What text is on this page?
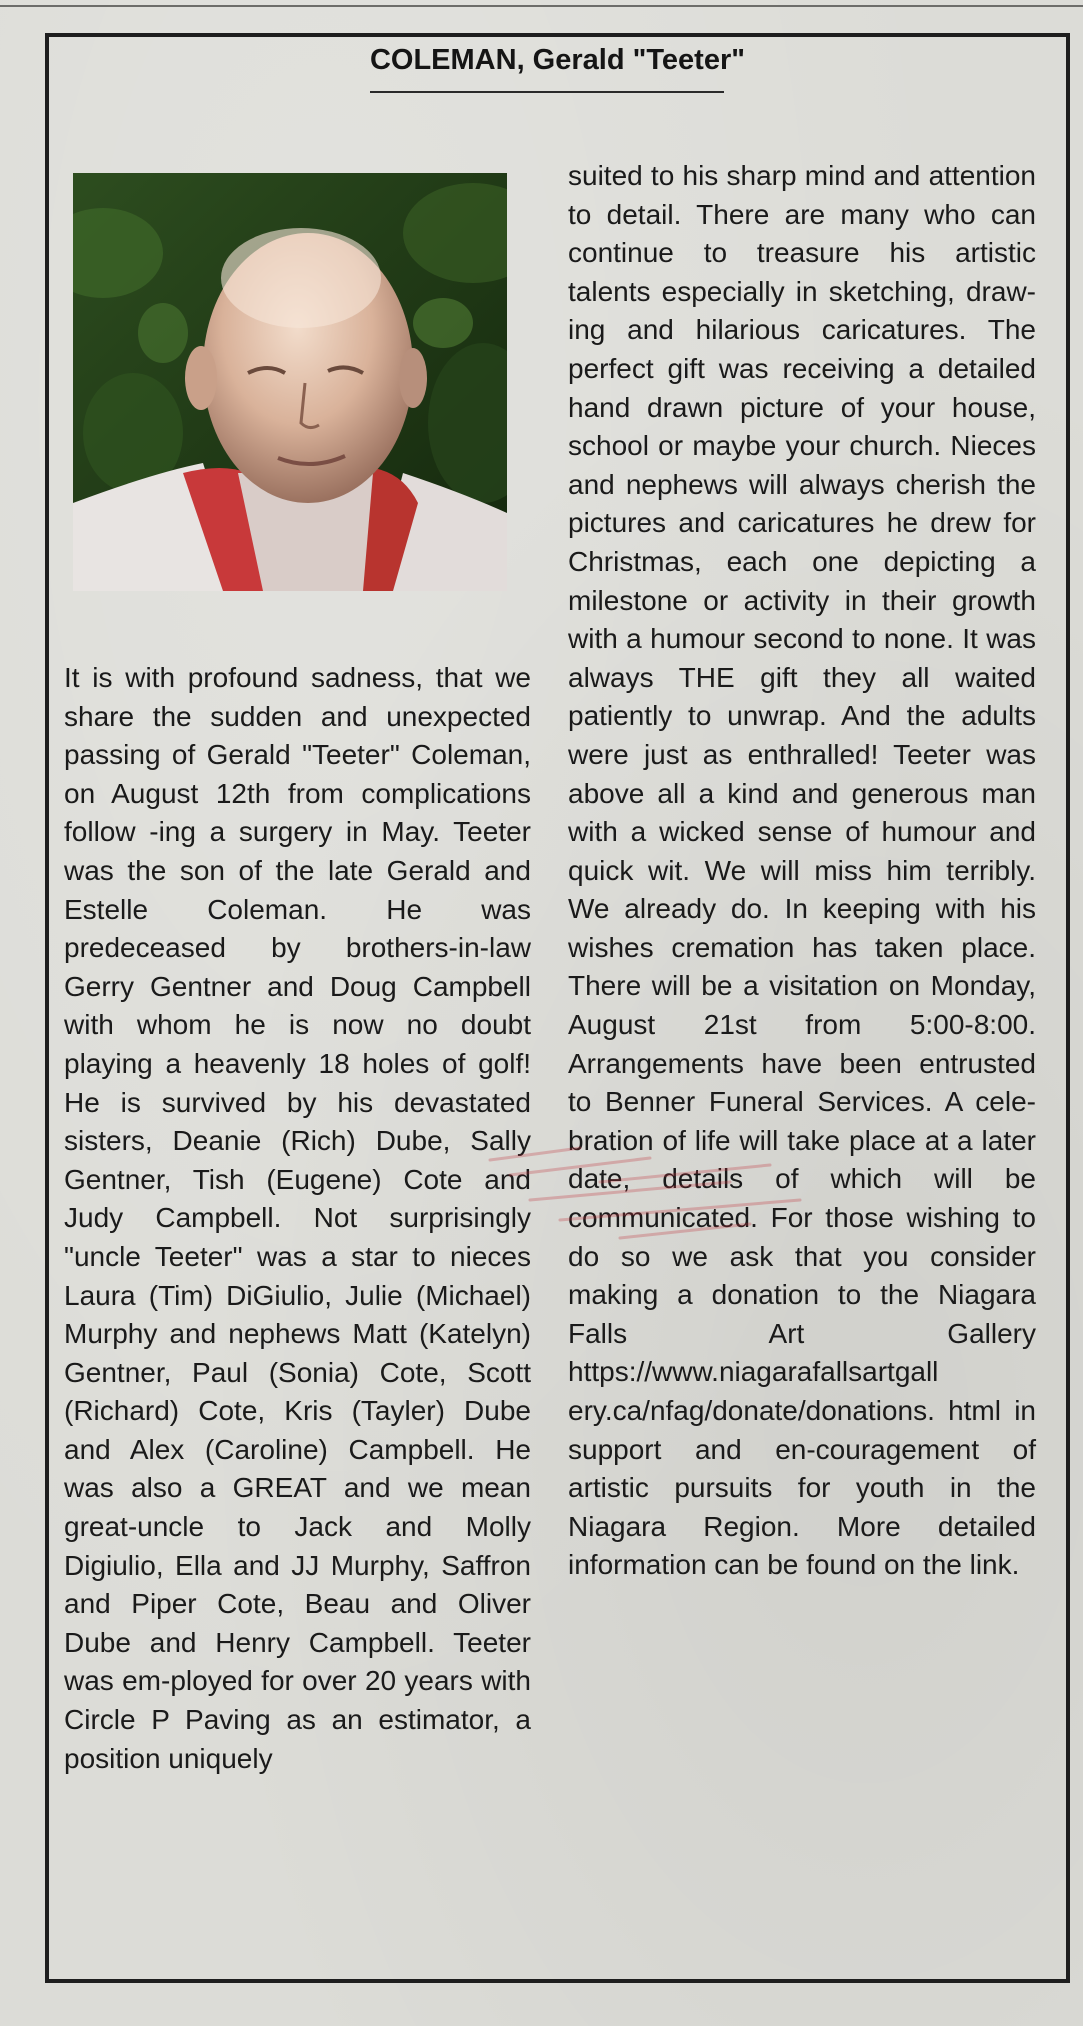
COLEMAN, Gerald "Teeter"

It is with profound sadness, that we share the sudden and unexpected passing of Gerald "Teeter" Coleman, on August 12th from complications follow -ing a surgery in May. Teeter was the son of the late Gerald and Estelle Coleman. He was predeceased by brothers-in-law Gerry Gentner and Doug Campbell with whom he is now no doubt playing a heavenly 18 holes of golf! He is survived by his devastated sisters, Deanie (Rich) Dube, Sally Gentner, Tish (Eugene) Cote and Judy Campbell. Not surprisingly "uncle Teeter" was a star to nieces Laura (Tim) DiGiulio, Julie (Michael) Murphy and nephews Matt (Katelyn) Gentner, Paul (Sonia) Cote, Scott (Richard) Cote, Kris (Tayler) Dube and Alex (Caroline) Campbell. He was also a GREAT and we mean great-uncle to Jack and Molly Digiulio, Ella and JJ Murphy, Saffron and Piper Cote, Beau and Oliver Dube and Henry Campbell. Teeter was em-ployed for over 20 years with Circle P Paving as an estimator, a position uniquely

suited to his sharp mind and attention to detail. There are many who can continue to treasure his artistic talents especially in sketching, draw-ing and hilarious caricatures. The perfect gift was receiving a detailed hand drawn picture of your house, school or maybe your church. Nieces and nephews will always cherish the pictures and caricatures he drew for Christmas, each one depicting a milestone or activity in their growth with a humour second to none. It was always THE gift they all waited patiently to unwrap. And the adults were just as enthralled! Teeter was above all a kind and generous man with a wicked sense of humour and quick wit. We will miss him terribly. We already do. In keeping with his wishes cremation has taken place. There will be a visitation on Monday, August 21st from 5:00-8:00. Arrangements have been entrusted to Benner Funeral Services. A cele-bration of life will take place at a later date, details of which will be communicated. For those wishing to do so we ask that you consider making a donation to the Niagara Falls Art Gallery https://www.niagarafallsartgall ery.ca/nfag/donate/donations. html in support and en-couragement of artistic pursuits for youth in the Niagara Region. More detailed information can be found on the link.
